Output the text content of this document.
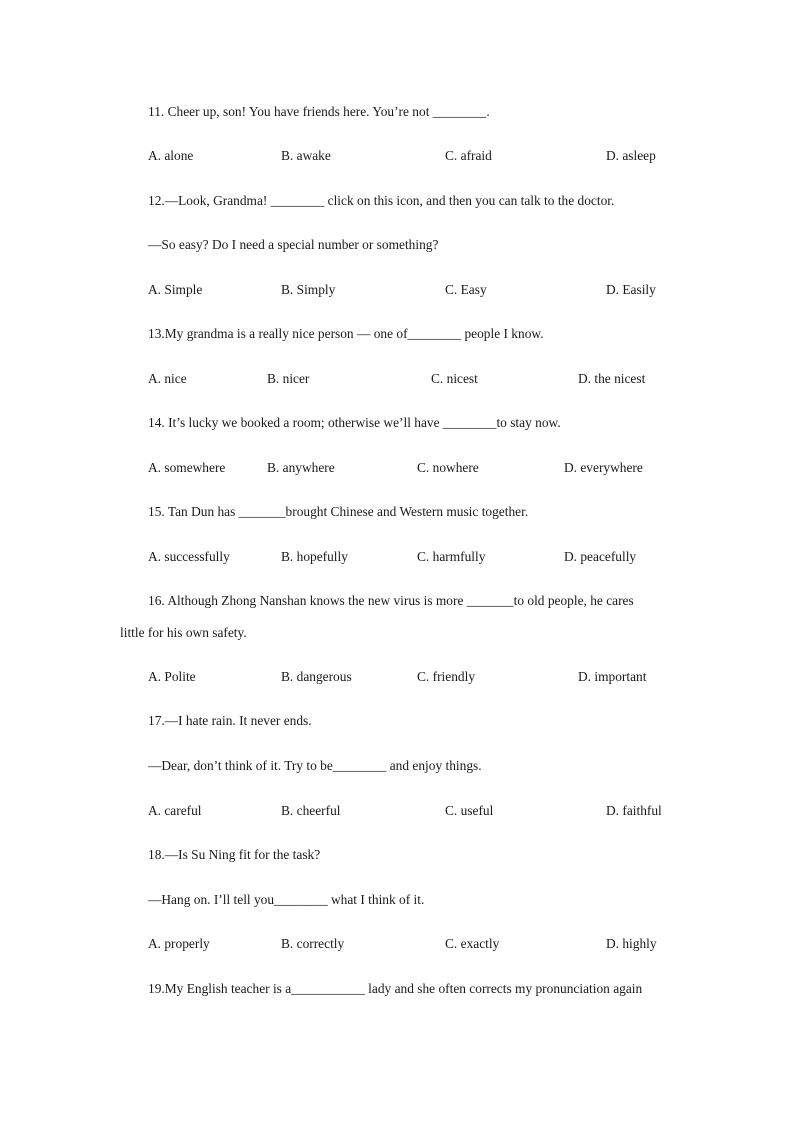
11. Cheer up, son! You have friends here. You’re not ________.
A. alone	B. awake	C. afraid	D. asleep
12.—Look, Grandma! ________ click on this icon, and then you can talk to the doctor.
—So easy? Do I need a special number or something?
A. Simple	B. Simply	C. Easy	D. Easily
13.My grandma is a really nice person — one of________ people I know.
A. nice	B. nicer	C. nicest	D. the nicest
14. It’s lucky we booked a room; otherwise we’ll have ________to stay now.
A. somewhere	B. anywhere	C. nowhere	D. everywhere
15. Tan Dun has _______brought Chinese and Western music together.
A. successfully	B. hopefully	C. harmfully	D. peacefully
16. Although Zhong Nanshan knows the new virus is more _______to old people, he cares
little for his own safety.
A. Polite	B. dangerous	C. friendly	D. important
17.—I hate rain. It never ends.
—Dear, don’t think of it. Try to be________ and enjoy things.
A. careful	B. cheerful	C. useful	D. faithful
18.—Is Su Ning fit for the task?
—Hang on. I’ll tell you________ what I think of it.
A. properly	B. correctly	C. exactly	D. highly
19.My English teacher is a___________ lady and she often corrects my pronunciation again
